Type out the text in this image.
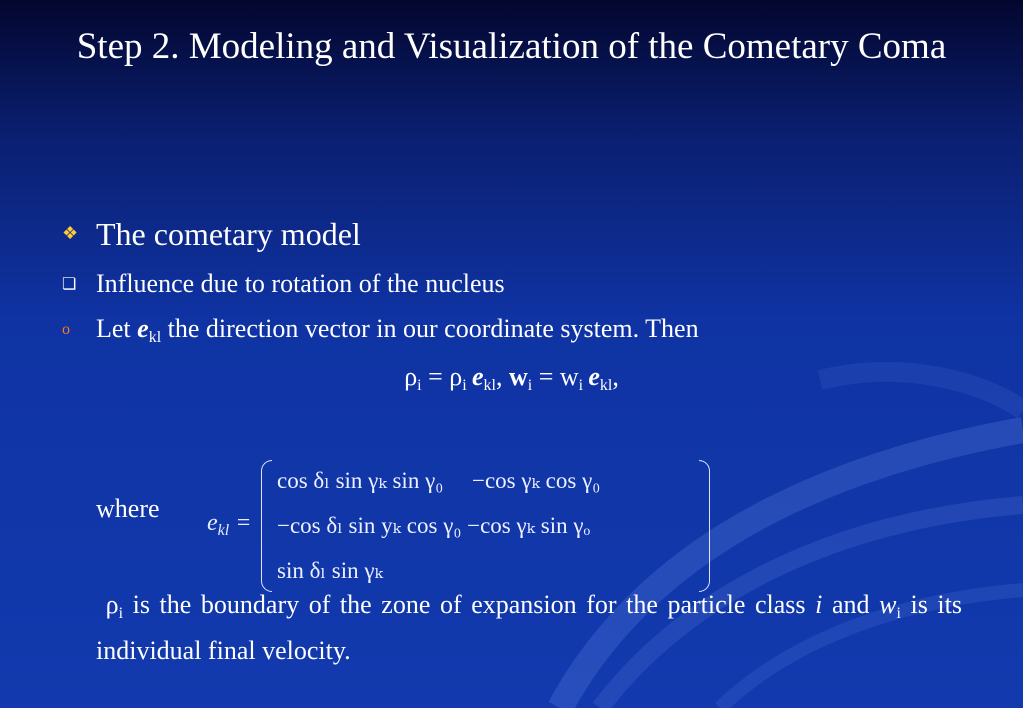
Step 2. Modeling and Visualization of the Cometary Coma
❖ The cometary model
❏ Influence due to rotation of the nucleus
o	Let $e_{kl}$ the direction vector in our coordinate system. Then
$\rho_i = \rho_i$  $e_{kl}$, $w_i = w_i$  $e_{kl}$,
where $e_{kl}$ =
cos δₗ sin γₖ sin γ₀     −cos γₖ cos γ₀
−cos δₗ sin yₖ cos γ₀ −cos γₖ sin γₒ
sin δₗ sin γₖ
$\rho_i$ is the boundary of the zone of expansion for the particle class i and $w_i$ is its individual final velocity.
